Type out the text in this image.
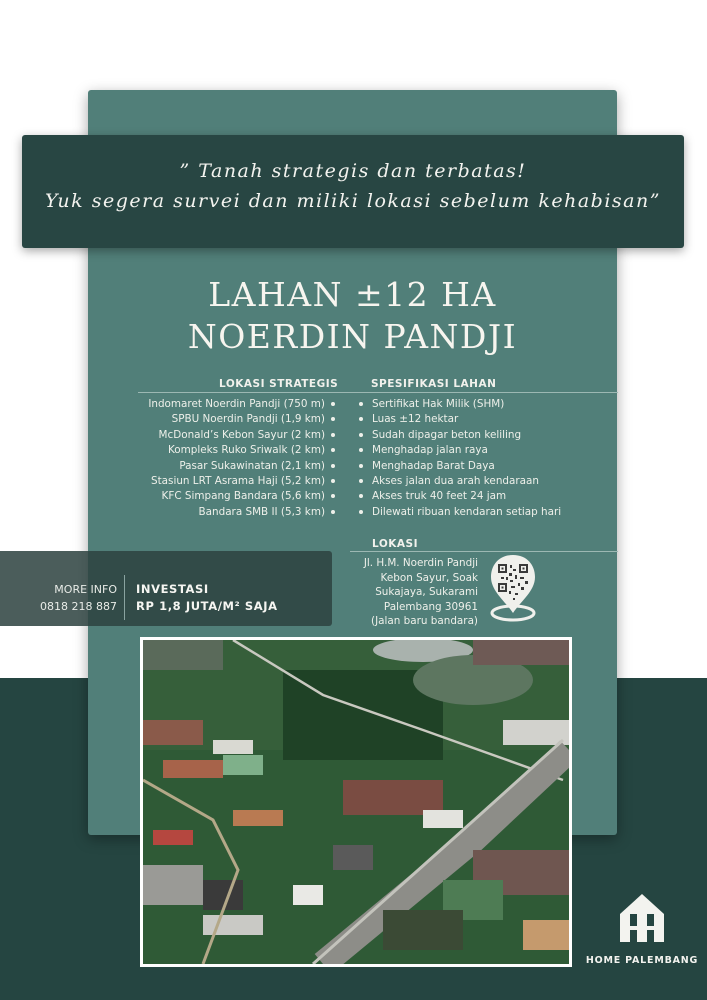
” Tanah strategis dan terbatas!
Yuk segera survei dan miliki lokasi sebelum kehabisan”
LAHAN ±12 HA
NOERDIN PANDJI
LOKASI STRATEGIS	SPESIFIKASI LAHAN
Indomaret Noerdin Pandji (750 m)
SPBU Noerdin Pandji (1,9 km)
McDonald’s Kebon Sayur (2 km)
Kompleks Ruko Sriwalk (2 km)
Pasar Sukawinatan (2,1 km)
Stasiun LRT Asrama Haji (5,2 km)
KFC Simpang Bandara (5,6 km)
Bandara SMB II (5,3 km)
Sertifikat Hak Milik (SHM)
Luas ±12 hektar
Sudah dipagar beton keliling
Menghadap jalan raya
Menghadap Barat Daya
Akses jalan dua arah kendaraan
Akses truk 40 feet 24 jam
Dilewati ribuan kendaran setiap hari
MORE INFO
0818 218 887
INVESTASI
RP 1,8 JUTA/M² SAJA
LOKASI
Jl. H.M. Noerdin Pandji
Kebon Sayur, Soak
Sukajaya, Sukarami
Palembang 30961
(Jalan baru bandara)
HOME PALEMBANG
